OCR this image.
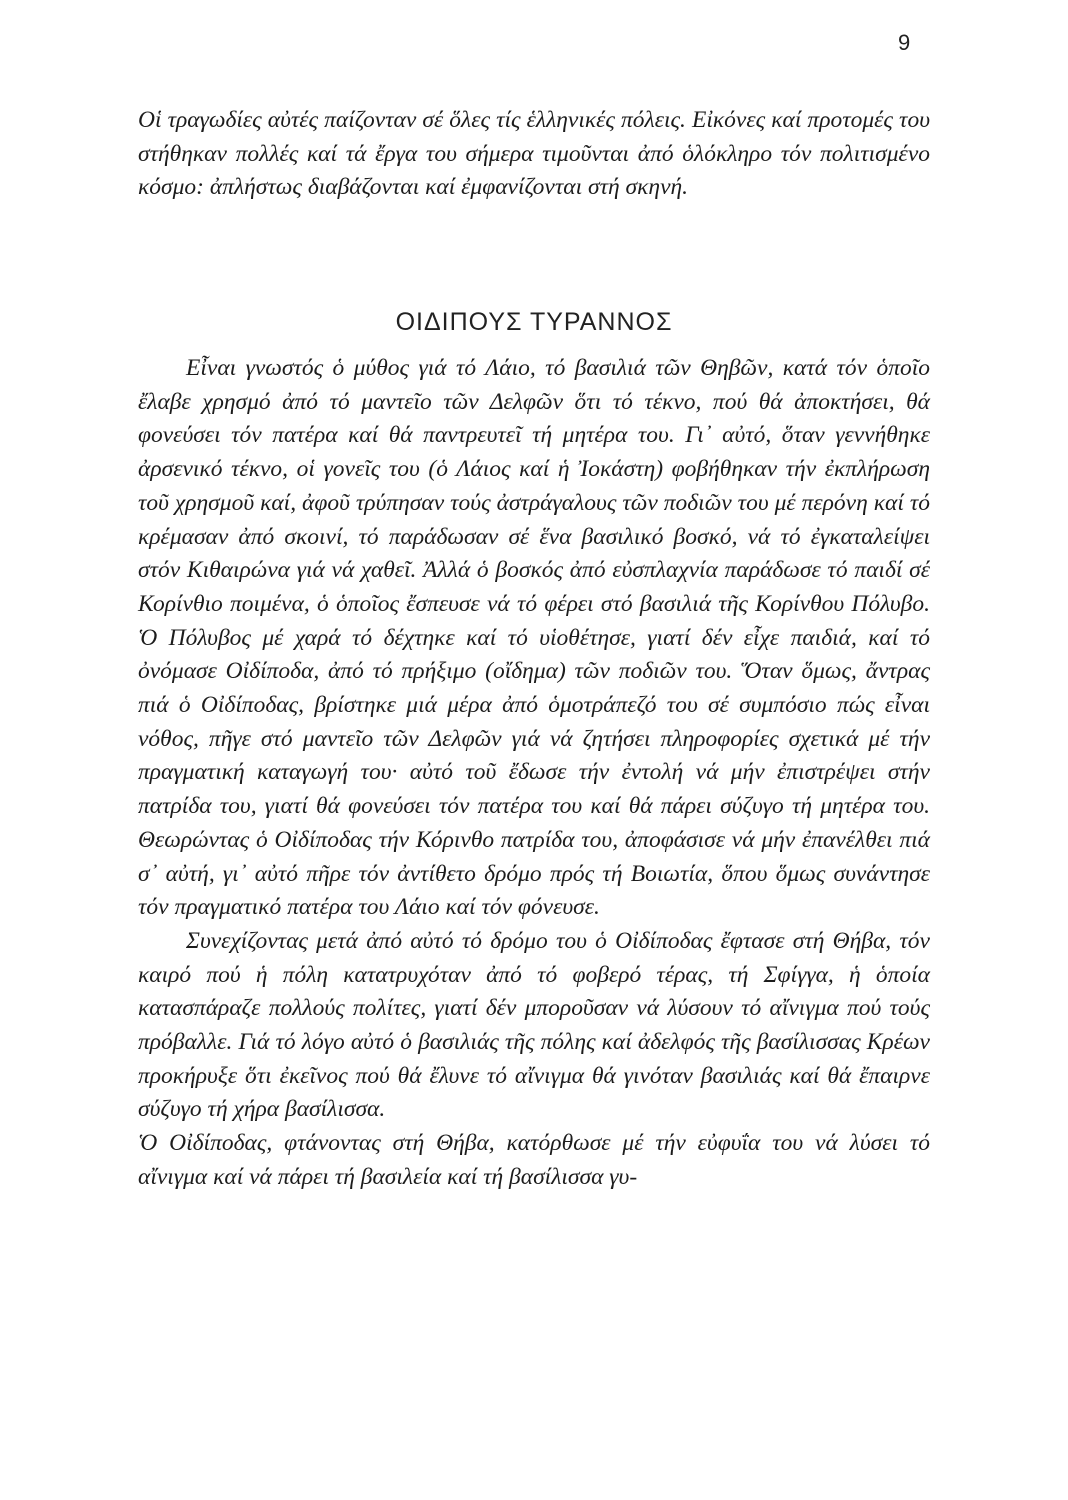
9

Οἱ τραγωδίες αὐτές παίζονταν σέ ὅλες τίς ἑλληνικές πόλεις. Εἰκόνες καί προτομές του στήθηκαν πολλές καί τά ἔργα του σήμερα τιμοῦνται ἀπό ὁλόκληρο τόν πολιτισμένο κόσμο: ἀπλήστως διαβάζονται καί ἐμφανίζονται στή σκηνή.

ΟΙΔΙΠΟΥΣ ΤΥΡΑΝΝΟΣ

Εἶναι γνωστός ὁ μύθος γιά τό Λάιο, τό βασιλιά τῶν Θηβῶν, κατά τόν ὁποῖο ἔλαβε χρησμό ἀπό τό μαντεῖο τῶν Δελφῶν ὅτι τό τέκνο, πού θά ἀποκτήσει, θά φονεύσει τόν πατέρα καί θά παντρευτεῖ τή μητέρα του. Γι᾽ αὐτό, ὅταν γεννήθηκε ἀρσενικό τέκνο, οἱ γονεῖς του (ὁ Λάιος καί ἡ Ἰοκάστη) φοβήθηκαν τήν ἐκπλήρωση τοῦ χρησμοῦ καί, ἀφοῦ τρύπησαν τούς ἀστράγαλους τῶν ποδιῶν του μέ περόνη καί τό κρέμασαν ἀπό σκοινί, τό παράδωσαν σέ ἕνα βασιλικό βοσκό, νά τό ἐγκαταλείψει στόν Κιθαιρώνα γιά νά χαθεῖ. Ἀλλά ὁ βοσκός ἀπό εὐσπλαχνία παράδωσε τό παιδί σέ Κορίνθιο ποιμένα, ὁ ὁποῖος ἔσπευσε νά τό φέρει στό βασιλιά τῆς Κορίνθου Πόλυβο. Ὁ Πόλυβος μέ χαρά τό δέχτηκε καί τό υἱοθέτησε, γιατί δέν εἶχε παιδιά, καί τό ὀνόμασε Οἰδίποδα, ἀπό τό πρήξιμο (οἴδημα) τῶν ποδιῶν του. Ὅταν ὅμως, ἄντρας πιά ὁ Οἰδίποδας, βρίστηκε μιά μέρα ἀπό ὁμοτράπεζό του σέ συμπόσιο πώς εἶναι νόθος, πῆγε στό μαντεῖο τῶν Δελφῶν γιά νά ζητήσει πληροφορίες σχετικά μέ τήν πραγματική καταγωγή του· αὐτό τοῦ ἔδωσε τήν ἐντολή νά μήν ἐπιστρέψει στήν πατρίδα του, γιατί θά φονεύσει τόν πατέρα του καί θά πάρει σύζυγο τή μητέρα του. Θεωρώντας ὁ Οἰδίποδας τήν Κόρινθο πατρίδα του, ἀποφάσισε νά μήν ἐπανέλθει πιά σ᾽ αὐτή, γι᾽ αὐτό πῆρε τόν ἀντίθετο δρόμο πρός τή Βοιωτία, ὅπου ὅμως συνάντησε τόν πραγματικό πατέρα του Λάιο καί τόν φόνευσε.

Συνεχίζοντας μετά ἀπό αὐτό τό δρόμο του ὁ Οἰδίποδας ἔφτασε στή Θήβα, τόν καιρό πού ἡ πόλη κατατρυχόταν ἀπό τό φοβερό τέρας, τή Σφίγγα, ἡ ὁποία κατασπάραζε πολλούς πολίτες, γιατί δέν μποροῦσαν νά λύσουν τό αἴνιγμα πού τούς πρόβαλλε. Γιά τό λόγο αὐτό ὁ βασιλιάς τῆς πόλης καί ἀδελφός τῆς βασίλισσας Κρέων προκήρυξε ὅτι ἐκεῖνος πού θά ἔλυνε τό αἴνιγμα θά γινόταν βασιλιάς καί θά ἔπαιρνε σύζυγο τή χήρα βασίλισσα.

Ὁ Οἰδίποδας, φτάνοντας στή Θήβα, κατόρθωσε μέ τήν εὐφυΐα του νά λύσει τό αἴνιγμα καί νά πάρει τή βασιλεία καί τή βασίλισσα γυ-
